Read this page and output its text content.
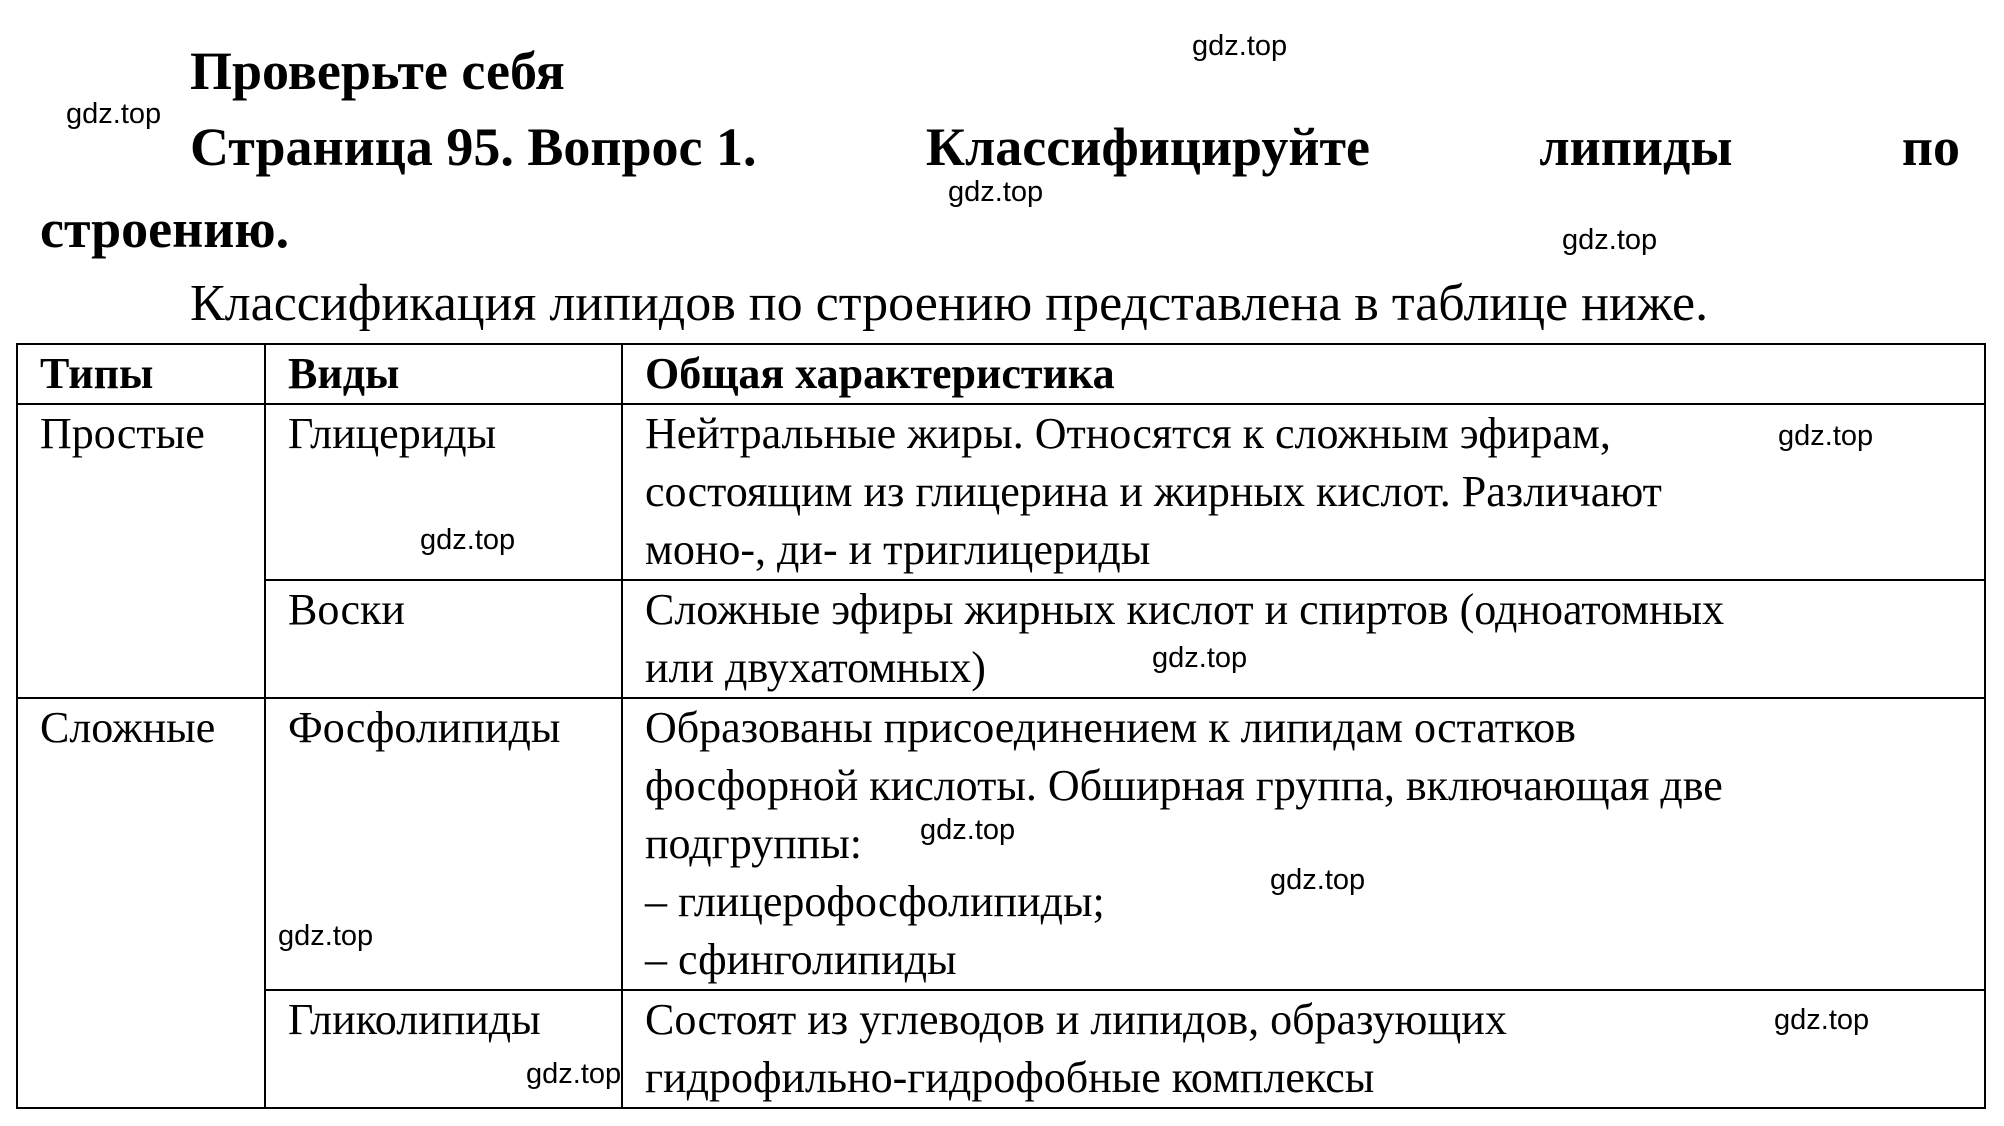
Проверьте себя
Страница 95. Вопрос 1.	Классифицируйте	липиды	по
строению.
Классификация липидов по строению представлена в таблице ниже.
Типы	Виды	Общая характеристика
Простые	Глицериды	Нейтральные жиры. Относятся к сложным эфирам,
состоящим из глицерина и жирных кислот. Различают
моно-, ди- и триглицериды

	Воски	Сложные эфиры жирных кислот и спиртов (одноатомных
или двухатомных)

Сложные	Фосфолипиды	Образованы присоединением к липидам остатков
фосфорной кислоты. Обширная группа, включающая две
подгруппы:
– глицерофосфолипиды;
– сфинголипиды

	Гликолипиды	Состоят из углеводов и липидов, образующих
гидрофильно-гидрофобные комплексы
gdz.top
gdz.top
gdz.top
gdz.top
gdz.top
gdz.top
gdz.top
gdz.top
gdz.top
gdz.top
gdz.top
gdz.top
